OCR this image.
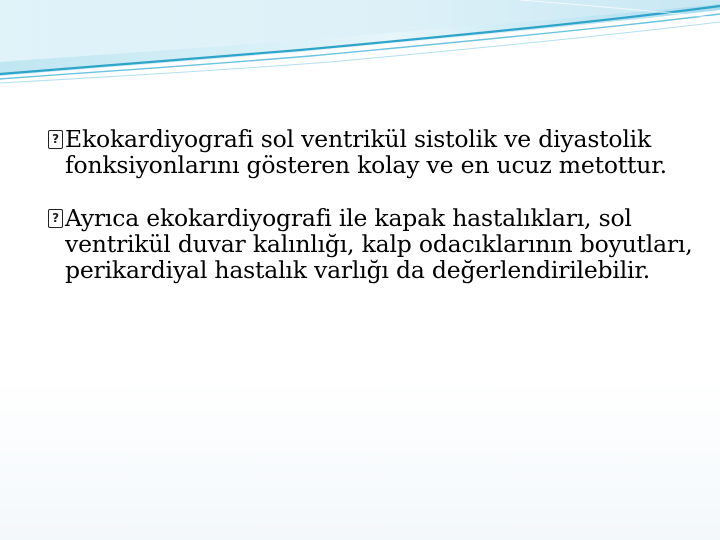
?
Ekokardiyografi sol ventrikül sistolik ve diyastolik fonksiyonlarını gösteren kolay ve en ucuz metottur.
?
Ayrıca ekokardiyografi ile kapak hastalıkları, sol ventrikül duvar kalınlığı, kalp odacıklarının boyutları, perikardiyal hastalık varlığı da değerlendirilebilir.
